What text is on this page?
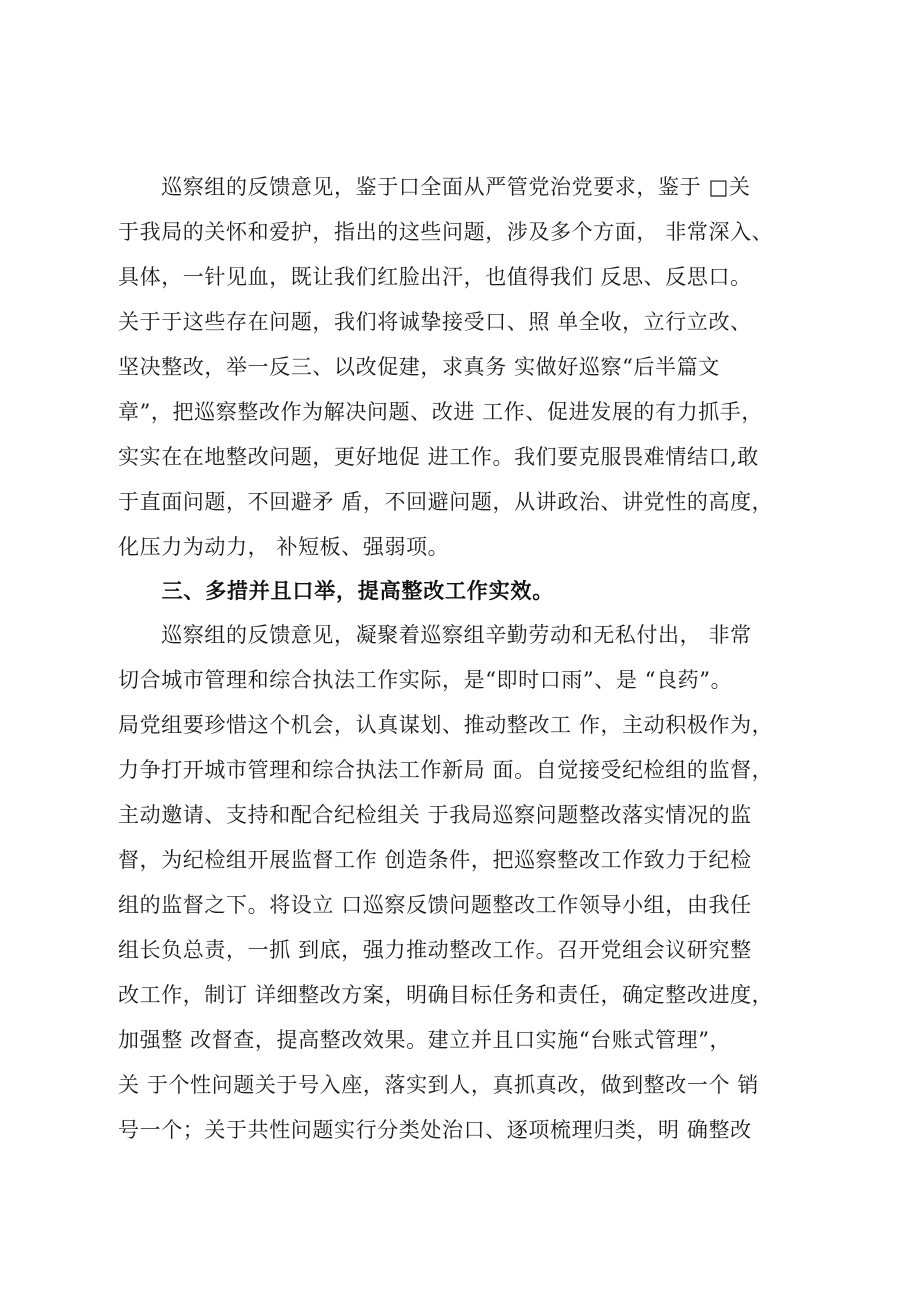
　　巡察组的反馈意见，鉴于口全面从严管党治党要求，鉴于 □关

于我局的关怀和爱护，指出的这些问题，涉及多个方面， 非常深入、

具体，一针见血，既让我们红脸出汗，也值得我们 反思、反思口。

关于于这些存在问题，我们将诚挚接受口、照 单全收，立行立改、

坚决整改，举一反三、以改促建，求真务 实做好巡察“后半篇文

章”，把巡察整改作为解决问题、改进 工作、促进发展的有力抓手，

实实在在地整改问题，更好地促 进工作。我们要克服畏难情结口,敢

于直面问题，不回避矛 盾，不回避问题，从讲政治、讲党性的高度，

化压力为动力， 补短板、强弱项。

　　三、多措并且口举，提高整改工作实效。

　　巡察组的反馈意见，凝聚着巡察组辛勤劳动和无私付出， 非常

切合城市管理和综合执法工作实际，是“即时口雨”、是 “良药”。

局党组要珍惜这个机会，认真谋划、推动整改工 作，主动积极作为，

力争打开城市管理和综合执法工作新局 面。自觉接受纪检组的监督，

主动邀请、支持和配合纪检组关 于我局巡察问题整改落实情况的监

督，为纪检组开展监督工作 创造条件，把巡察整改工作致力于纪检

组的监督之下。将设立 口巡察反馈问题整改工作领导小组，由我任

组长负总责，一抓 到底，强力推动整改工作。召开党组会议研究整

改工作，制订 详细整改方案，明确目标任务和责任，确定整改进度，

加强整 改督查，提高整改效果。建立并且口实施“台账式管理”，

关 于个性问题关于号入座，落实到人，真抓真改，做到整改一个 销

号一个；关于共性问题实行分类处治口、逐项梳理归类，明 确整改
